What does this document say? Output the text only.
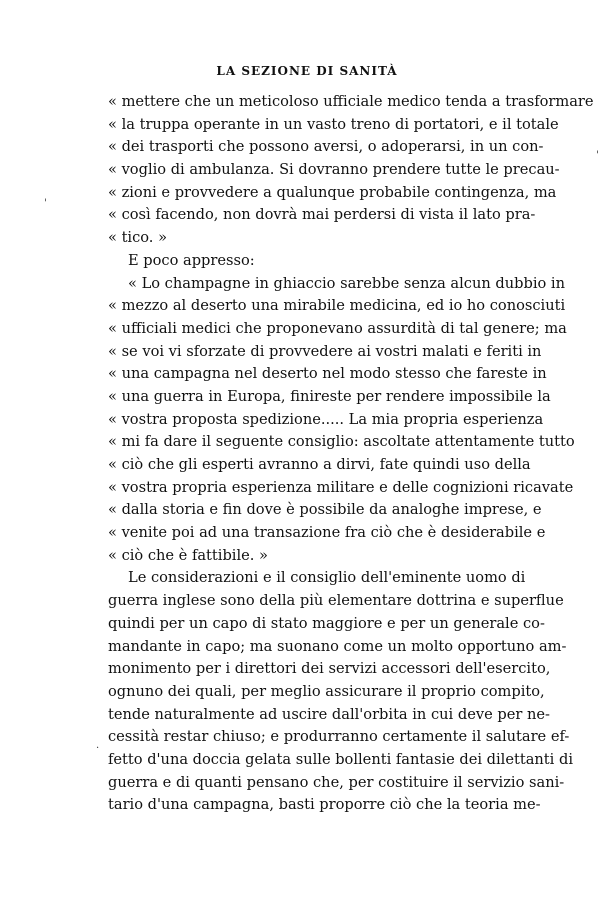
LA SEZIONE DI SANITÀ
« mettere che un meticoloso ufficiale medico tenda a trasformare
« la truppa operante in un vasto treno di portatori, e il totale
« dei trasporti che possono aversi, o adoperarsi, in un con-
« voglio di ambulanza. Si dovranno prendere tutte le precau-
« zioni e provvedere a qualunque probabile contingenza, ma
« così facendo, non dovrà mai perdersi di vista il lato pra-
« tico. »
E poco appresso:
« Lo champagne in ghiaccio sarebbe senza alcun dubbio in
« mezzo al deserto una mirabile medicina, ed io ho conosciuti
« ufficiali medici che proponevano assurdità di tal genere; ma
« se voi vi sforzate di provvedere ai vostri malati e feriti in
« una campagna nel deserto nel modo stesso che fareste in
« una guerra in Europa, finireste per rendere impossibile la
« vostra proposta spedizione..... La mia propria esperienza
« mi fa dare il seguente consiglio: ascoltate attentamente tutto
« ciò che gli esperti avranno a dirvi, fate quindi uso della
« vostra propria esperienza militare e delle cognizioni ricavate
« dalla storia e fin dove è possibile da analoghe imprese, e
« venite poi ad una transazione fra ciò che è desiderabile e
« ciò che è fattibile. »
Le considerazioni e il consiglio dell'eminente uomo di
guerra inglese sono della più elementare dottrina e superflue
quindi per un capo di stato maggiore e per un generale co-
mandante in capo; ma suonano come un molto opportuno am-
monimento per i direttori dei servizi accessori dell'esercito,
ognuno dei quali, per meglio assicurare il proprio compito,
tende naturalmente ad uscire dall'orbita in cui deve per ne-
cessità restar chiuso; e produrranno certamente il salutare ef-
fetto d'una doccia gelata sulle bollenti fantasie dei dilettanti di
guerra e di quanti pensano che, per costituire il servizio sani-
tario d'una campagna, basti proporre ciò che la teoria me-
'
.
'
